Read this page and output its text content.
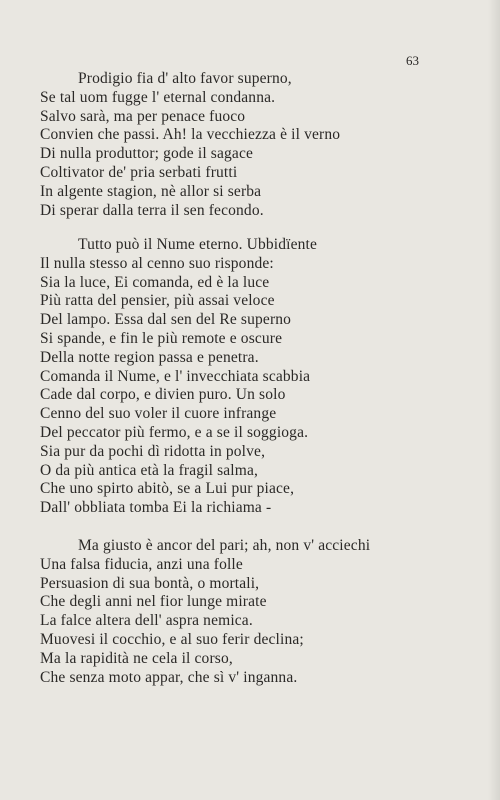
63
Prodigio fia d' alto favor superno,
Se tal uom fugge l' eternal condanna.
Salvo sarà, ma per penace fuoco
Convien che passi. Ah! la vecchiezza è il verno
Di nulla produttor; gode il sagace
Coltivator de' pria serbati frutti
In algente stagion, nè allor si serba
Di sperar dalla terra il sen fecondo.
Tutto può il Nume eterno. Ubbidïente
Il nulla stesso al cenno suo risponde:
Sia la luce, Ei comanda, ed è la luce
Più ratta del pensier, più assai veloce
Del lampo. Essa dal sen del Re superno
Si spande, e fin le più remote e oscure
Della notte region passa e penetra.
Comanda il Nume, e l' invecchiata scabbia
Cade dal corpo, e divien puro. Un solo
Cenno del suo voler il cuore infrange
Del peccator più fermo, e a se il soggioga.
Sia pur da pochi dì ridotta in polve,
O da più antica età la fragil salma,
Che uno spirto abitò, se a Lui pur piace,
Dall' obbliata tomba Ei la richiama -
Ma giusto è ancor del pari; ah, non v' acciechi
Una falsa fiducia, anzi una folle
Persuasion di sua bontà, o mortali,
Che degli anni nel fior lunge mirate
La falce altera dell' aspra nemica.
Muovesi il cocchio, e al suo ferir declina;
Ma la rapidità ne cela il corso,
Che senza moto appar, che sì v' inganna.
